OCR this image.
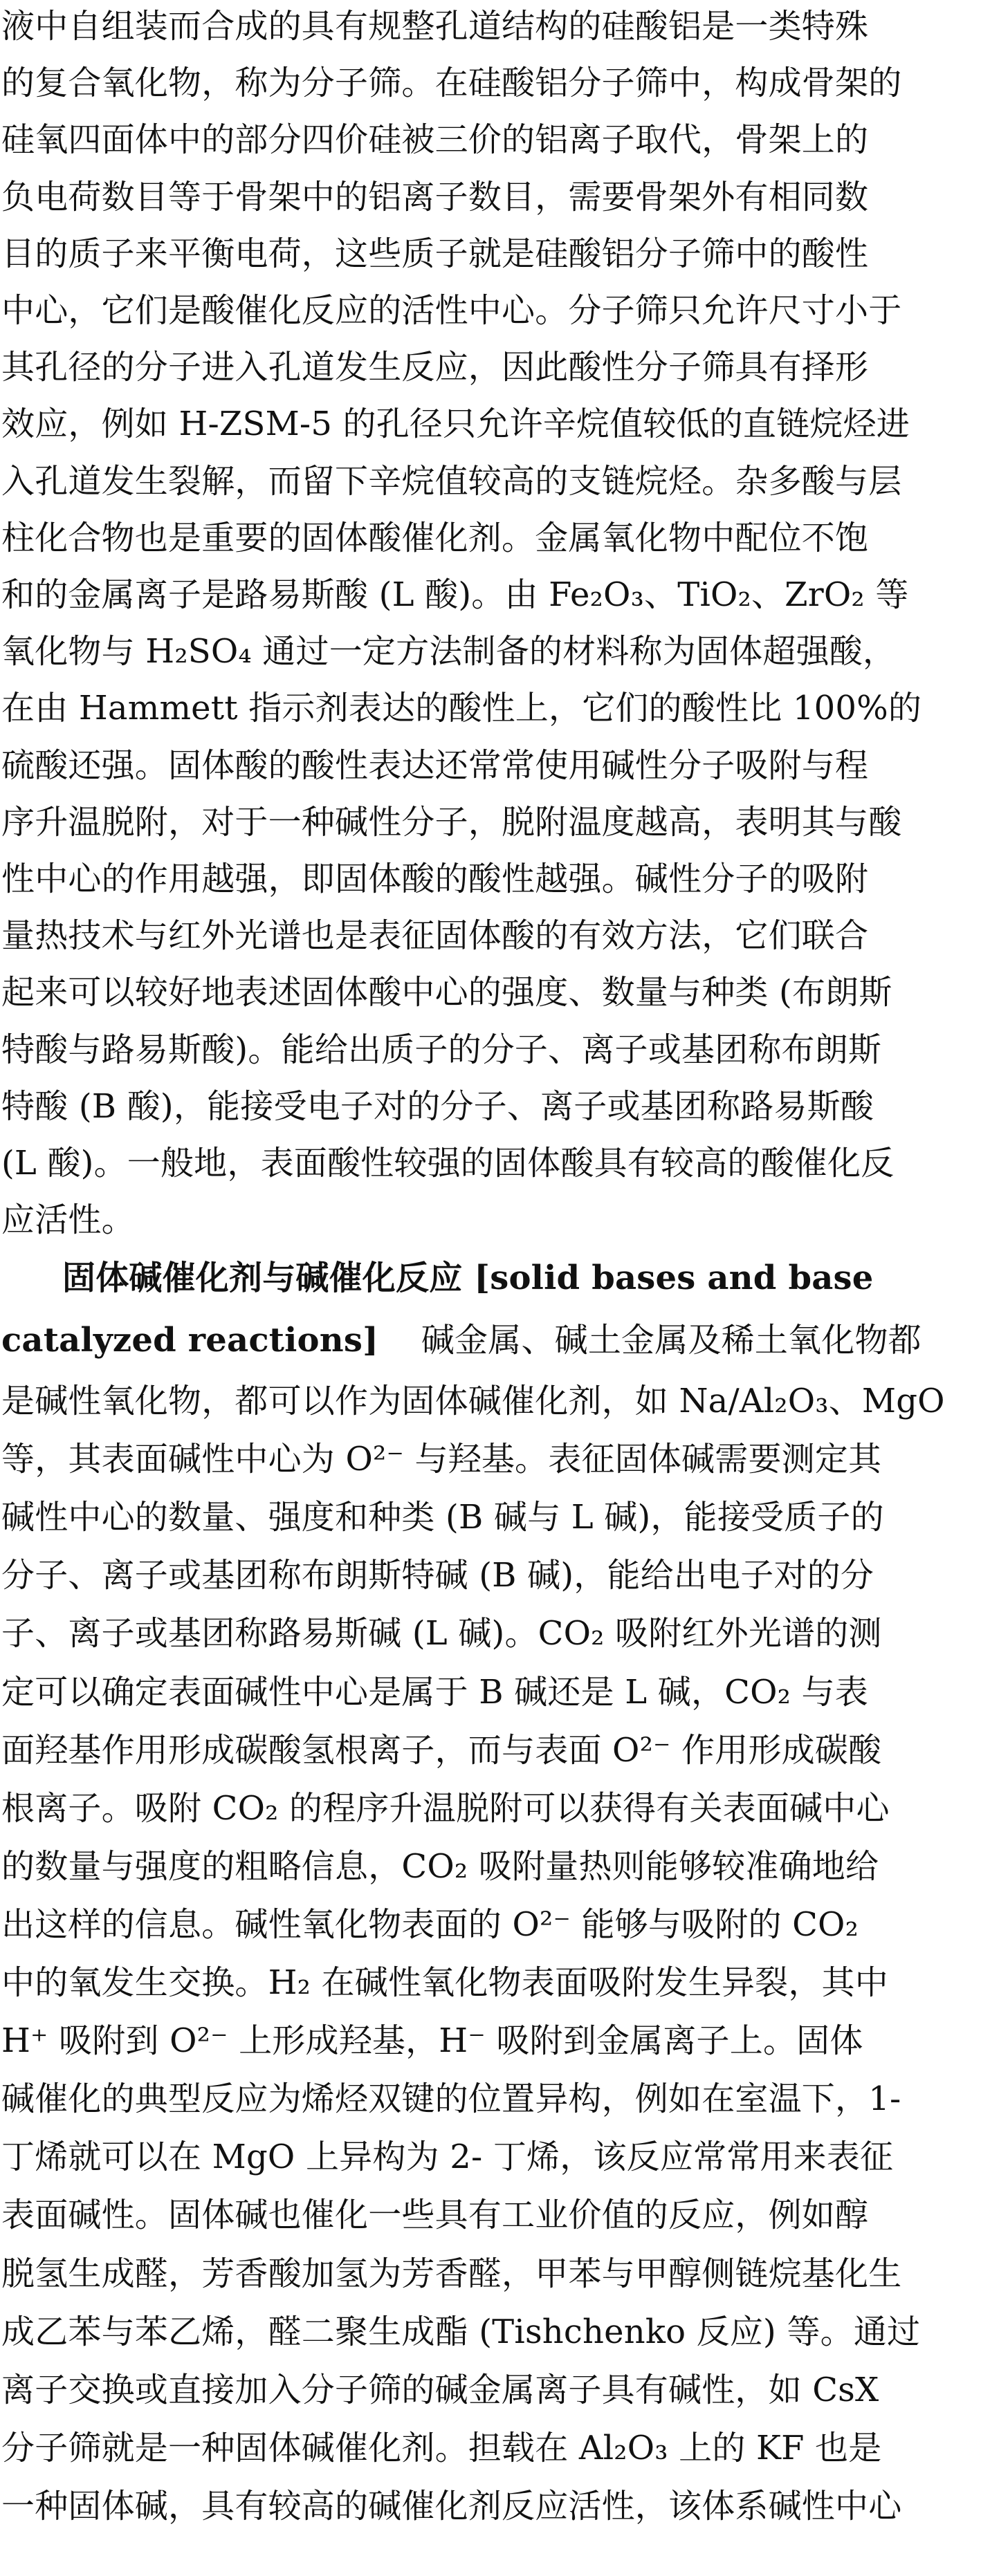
液中自组装而合成的具有规整孔道结构的硅酸铝是一类特殊
的复合氧化物，称为分子筛。在硅酸铝分子筛中，构成骨架的
硅氧四面体中的部分四价硅被三价的铝离子取代，骨架上的
负电荷数目等于骨架中的铝离子数目，需要骨架外有相同数
目的质子来平衡电荷，这些质子就是硅酸铝分子筛中的酸性
中心，它们是酸催化反应的活性中心。分子筛只允许尺寸小于
其孔径的分子进入孔道发生反应，因此酸性分子筛具有择形
效应，例如 H-ZSM-5 的孔径只允许辛烷值较低的直链烷烃进
入孔道发生裂解，而留下辛烷值较高的支链烷烃。杂多酸与层
柱化合物也是重要的固体酸催化剂。金属氧化物中配位不饱
和的金属离子是路易斯酸 (L 酸)。由 Fe₂O₃、TiO₂、ZrO₂ 等
氧化物与 H₂SO₄ 通过一定方法制备的材料称为固体超强酸，
在由 Hammett 指示剂表达的酸性上，它们的酸性比 100%的
硫酸还强。固体酸的酸性表达还常常使用碱性分子吸附与程
序升温脱附，对于一种碱性分子，脱附温度越高，表明其与酸
性中心的作用越强，即固体酸的酸性越强。碱性分子的吸附
量热技术与红外光谱也是表征固体酸的有效方法，它们联合
起来可以较好地表述固体酸中心的强度、数量与种类 (布朗斯
特酸与路易斯酸)。能给出质子的分子、离子或基团称布朗斯
特酸 (B 酸)，能接受电子对的分子、离子或基团称路易斯酸
(L 酸)。一般地，表面酸性较强的固体酸具有较高的酸催化反
应活性。
固体碱催化剂与碱催化反应 [solid bases and base
catalyzed reactions]    碱金属、碱土金属及稀土氧化物都
是碱性氧化物，都可以作为固体碱催化剂，如 Na/Al₂O₃、MgO
等，其表面碱性中心为 O²⁻ 与羟基。表征固体碱需要测定其
碱性中心的数量、强度和种类 (B 碱与 L 碱)，能接受质子的
分子、离子或基团称布朗斯特碱 (B 碱)，能给出电子对的分
子、离子或基团称路易斯碱 (L 碱)。CO₂ 吸附红外光谱的测
定可以确定表面碱性中心是属于 B 碱还是 L 碱，CO₂ 与表
面羟基作用形成碳酸氢根离子，而与表面 O²⁻ 作用形成碳酸
根离子。吸附 CO₂ 的程序升温脱附可以获得有关表面碱中心
的数量与强度的粗略信息，CO₂ 吸附量热则能够较准确地给
出这样的信息。碱性氧化物表面的 O²⁻ 能够与吸附的 CO₂
中的氧发生交换。H₂ 在碱性氧化物表面吸附发生异裂，其中
H⁺ 吸附到 O²⁻ 上形成羟基，H⁻ 吸附到金属离子上。固体
碱催化的典型反应为烯烃双键的位置异构，例如在室温下，1-
丁烯就可以在 MgO 上异构为 2- 丁烯，该反应常常用来表征
表面碱性。固体碱也催化一些具有工业价值的反应，例如醇
脱氢生成醛，芳香酸加氢为芳香醛，甲苯与甲醇侧链烷基化生
成乙苯与苯乙烯，醛二聚生成酯 (Tishchenko 反应) 等。通过
离子交换或直接加入分子筛的碱金属离子具有碱性，如 CsX
分子筛就是一种固体碱催化剂。担载在 Al₂O₃ 上的 KF 也是
一种固体碱，具有较高的碱催化剂反应活性，该体系碱性中心
